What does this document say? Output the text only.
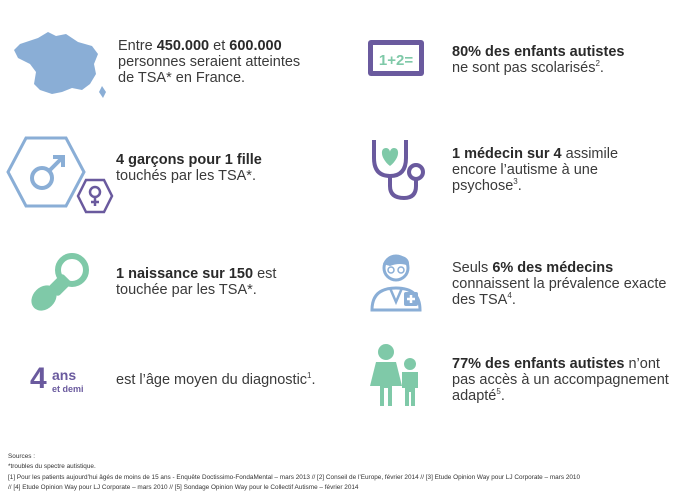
Entre 450.000 et 600.000
personnes seraient atteintes
de TSA* en France.
1+2=	80% des enfants autistes
ne sont pas scolarisés$^2$.
4 garçons pour 1 fille
touchés par les TSA*.
1 médecin sur 4 assimile
encore l’autisme à une
psychose$^3$.
1 naissance sur 150 est
touchée par les TSA*.
Seuls 6% des médecins
connaissent la prévalence exacte
des TSA$^4$.
4 ans
et demi
est l’âge moyen du diagnostic$^1$.
77% des enfants autistes n’ont
pas accès à un accompagnement
adapté$^5$.
Sources :
*troubles du spectre autistique.
[1] Pour les patients aujourd’hui âgés de moins de 15 ans - Enquête Doctissimo-FondaMental – mars 2013 // [2] Conseil de l’Europe, février 2014 // [3] Etude Opinion Way pour LJ Corporate – mars 2010
// [4] Etude Opinion Way pour LJ Corporate – mars 2010 // [5] Sondage Opinion Way pour le Collectif Autisme – février 2014
